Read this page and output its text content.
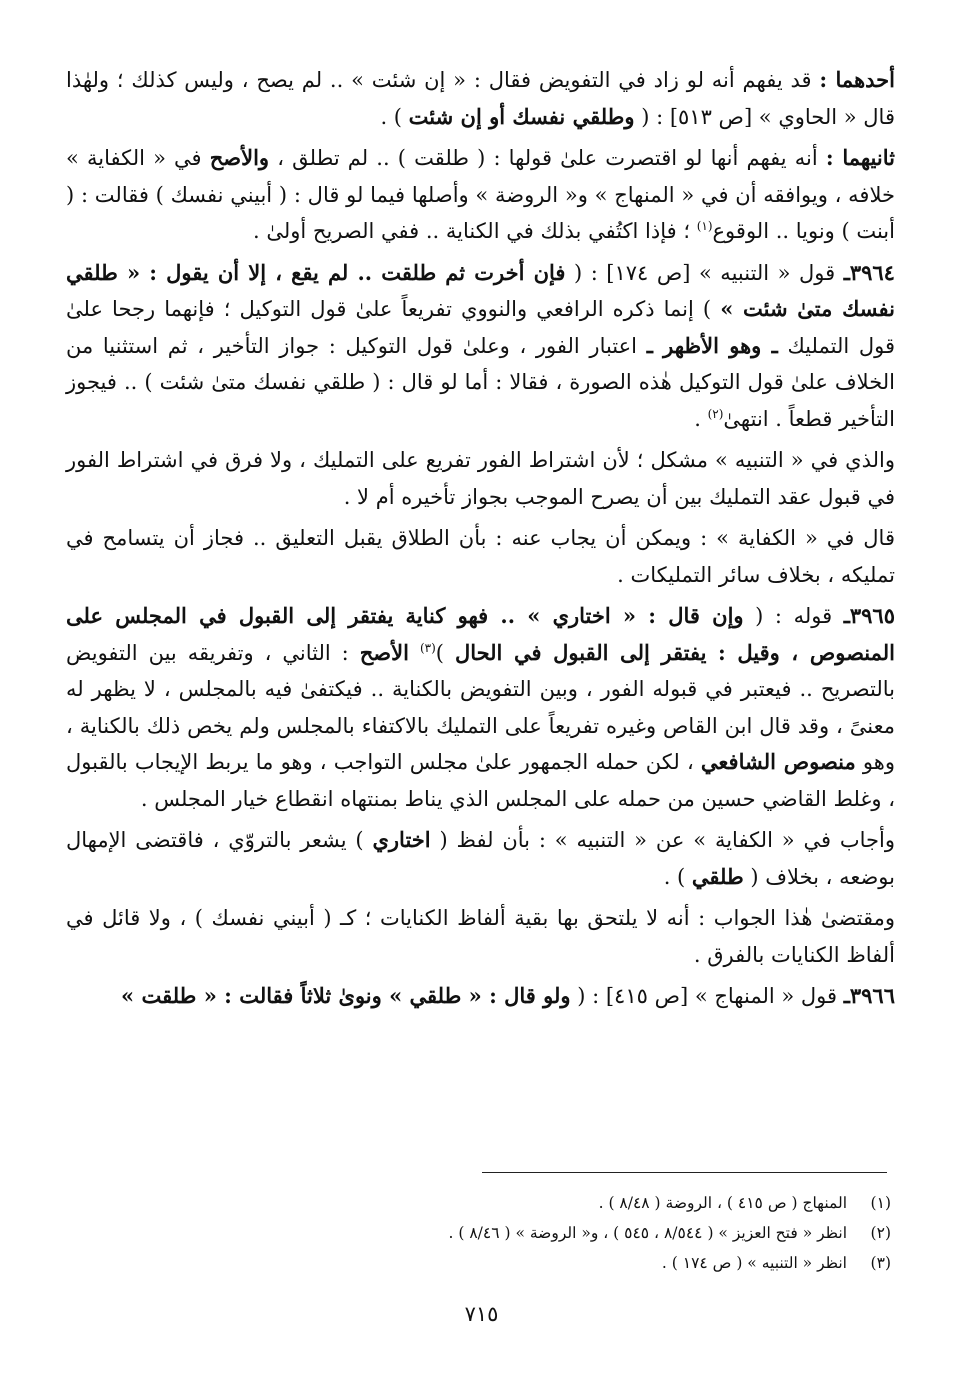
أحدهما : قد يفهم أنه لو زاد في التفويض فقال : « إن شئت » .. لم يصح ، وليس كذلك ؛ ولهٰذا قال « الحاوي » [ص ٥١٣] : ( وطلقي نفسك أو إن شئت ) .

ثانيهما : أنه يفهم أنها لو اقتصرت علىٰ قولها : ( طلقت ) .. لم تطلق ، والأصح في « الكفاية » خلافه ، ويوافقه أن في « المنهاج » و« الروضة » وأصلها فيما لو قال : ( أبيني نفسك ) فقالت : ( أبنت ) ونويا .. الوقوع$^{(١)}$ ؛ فإذا اكتُفي بذلك في الكناية .. ففي الصريح أولىٰ .

٣٩٦٤ـ قول « التنبيه » [ص ١٧٤] : ( فإن أخرت ثم طلقت .. لم يقع ، إلا أن يقول : « طلقي نفسك متىٰ شئت » ) إنما ذكره الرافعي والنووي تفريعاً علىٰ قول التوكيل ؛ فإنهما رجحا علىٰ قول التمليك ـ وهو الأظهر ـ اعتبار الفور ، وعلىٰ قول التوكيل : جواز التأخير ، ثم استثنيا من الخلاف علىٰ قول التوكيل هٰذه الصورة ، فقالا : أما لو قال : ( طلقي نفسك متىٰ شئت ) .. فيجوز التأخير قطعاً . انتهىٰ$^{(٢)}$ .

والذي في « التنبيه » مشكل ؛ لأن اشتراط الفور تفريع على التمليك ، ولا فرق في اشتراط الفور في قبول عقد التمليك بين أن يصرح الموجب بجواز تأخيره أم لا .

قال في « الكفاية » : ويمكن أن يجاب عنه : بأن الطلاق يقبل التعليق .. فجاز أن يتسامح في تمليكه ، بخلاف سائر التمليكات .

٣٩٦٥ـ قوله : ( وإن قال : « اختاري » .. فهو كناية يفتقر إلى القبول في المجلس على المنصوص ، وقيل : يفتقر إلى القبول في الحال )$^{(٣)}$ الأصح : الثاني ، وتفريقه بين التفويض بالتصريح .. فيعتبر في قبوله الفور ، وبين التفويض بالكناية .. فيكتفىٰ فيه بالمجلس ، لا يظهر له معنىً ، وقد قال ابن القاص وغيره تفريعاً على التمليك بالاكتفاء بالمجلس ولم يخص ذلك بالكناية ، وهو منصوص الشافعي ، لكن حمله الجمهور علىٰ مجلس التواجب ، وهو ما يربط الإيجاب بالقبول ، وغلط القاضي حسين من حمله على المجلس الذي يناط بمنتهاه انقطاع خيار المجلس .

وأجاب في « الكفاية » عن « التنبيه » : بأن لفظ ( اختاري ) يشعر بالتروّي ، فاقتضى الإمهال بوضعه ، بخلاف ( طلقي ) .

ومقتضىٰ هٰذا الجواب : أنه لا يلتحق بها بقية ألفاظ الكنايات ؛ كـ ( أبيني نفسك ) ، ولا قائل في ألفاظ الكنايات بالفرق .

٣٩٦٦ـ قول « المنهاج » [ص ٤١٥] : ( ولو قال : « طلقي » ونوىٰ ثلاثاً فقالت : « طلقت »

(١)
المنهاج ( ص ٤١٥ ) ، الروضة ( ٨/٤٨ ) .
(٢)
انظر « فتح العزيز » ( ٨/٥٤٤ ، ٥٤٥ ) ، و« الروضة » ( ٨/٤٦ ) .
(٣)
انظر « التنبيه » ( ص ١٧٤ ) .
٧١٥
